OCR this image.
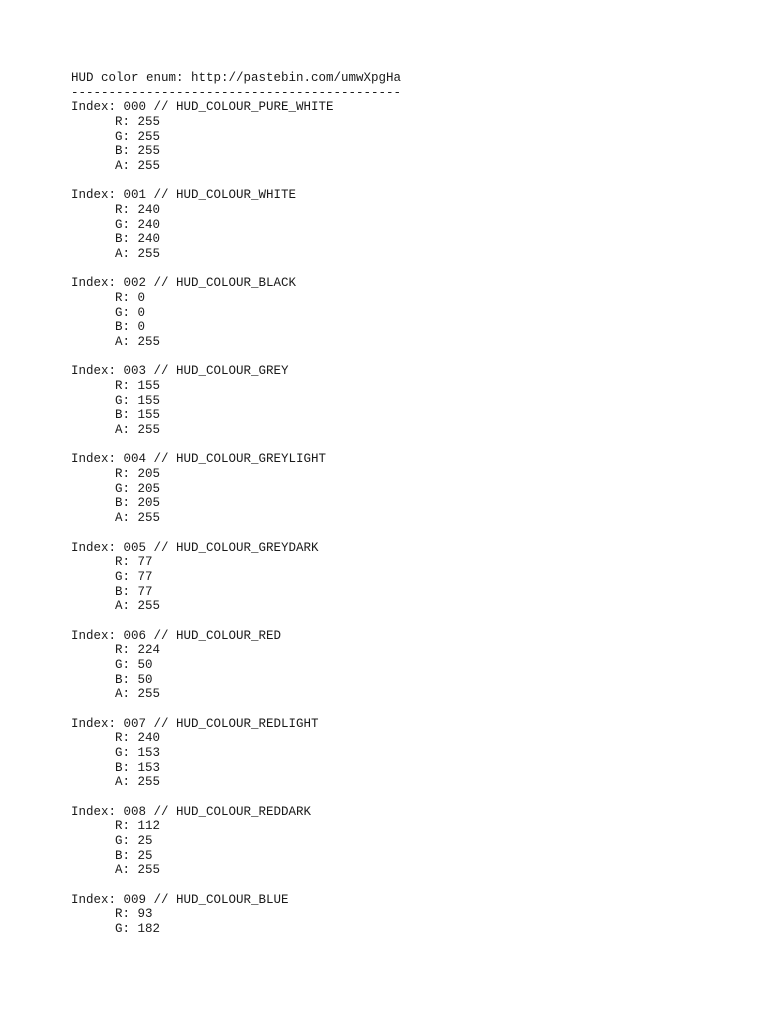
HUD color enum: http://pastebin.com/umwXpgHa
--------------------------------------------
Index: 000 // HUD_COLOUR_PURE_WHITE
R: 255
G: 255
B: 255
A: 255
Index: 001 // HUD_COLOUR_WHITE
R: 240
G: 240
B: 240
A: 255
Index: 002 // HUD_COLOUR_BLACK
R: 0
G: 0
B: 0
A: 255
Index: 003 // HUD_COLOUR_GREY
R: 155
G: 155
B: 155
A: 255
Index: 004 // HUD_COLOUR_GREYLIGHT
R: 205
G: 205
B: 205
A: 255
Index: 005 // HUD_COLOUR_GREYDARK
R: 77
G: 77
B: 77
A: 255
Index: 006 // HUD_COLOUR_RED
R: 224
G: 50
B: 50
A: 255
Index: 007 // HUD_COLOUR_REDLIGHT
R: 240
G: 153
B: 153
A: 255
Index: 008 // HUD_COLOUR_REDDARK
R: 112
G: 25
B: 25
A: 255
Index: 009 // HUD_COLOUR_BLUE
R: 93
G: 182
